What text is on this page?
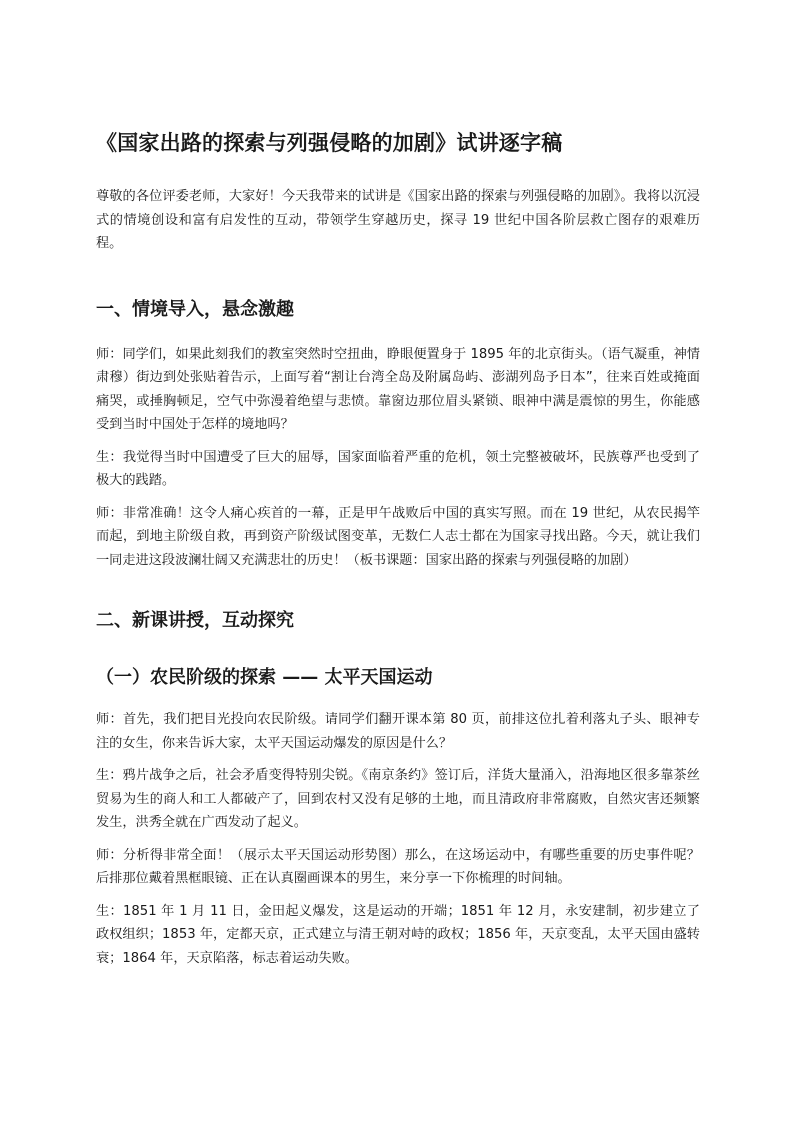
《国家出路的探索与列强侵略的加剧》试讲逐字稿

尊敬的各位评委老师，大家好！今天我带来的试讲是《国家出路的探索与列强侵略的加剧》。我将以沉浸式的情境创设和富有启发性的互动，带领学生穿越历史，探寻 19 世纪中国各阶层救亡图存的艰难历程。

一、情境导入，悬念激趣

师：同学们，如果此刻我们的教室突然时空扭曲，睁眼便置身于 1895 年的北京街头。（语气凝重，神情肃穆）街边到处张贴着告示，上面写着“割让台湾全岛及附属岛屿、澎湖列岛予日本”，往来百姓或掩面痛哭，或捶胸顿足，空气中弥漫着绝望与悲愤。靠窗边那位眉头紧锁、眼神中满是震惊的男生，你能感受到当时中国处于怎样的境地吗？

生：我觉得当时中国遭受了巨大的屈辱，国家面临着严重的危机，领土完整被破坏，民族尊严也受到了极大的践踏。

师：非常准确！这令人痛心疾首的一幕，正是甲午战败后中国的真实写照。而在 19 世纪，从农民揭竿而起，到地主阶级自救，再到资产阶级试图变革，无数仁人志士都在为国家寻找出路。今天，就让我们一同走进这段波澜壮阔又充满悲壮的历史！（板书课题：国家出路的探索与列强侵略的加剧）

二、新课讲授，互动探究
（一）农民阶级的探索 —— 太平天国运动

师：首先，我们把目光投向农民阶级。请同学们翻开课本第 80 页，前排这位扎着利落丸子头、眼神专注的女生，你来告诉大家，太平天国运动爆发的原因是什么？

生：鸦片战争之后，社会矛盾变得特别尖锐。《南京条约》签订后，洋货大量涌入，沿海地区很多靠茶丝贸易为生的商人和工人都破产了，回到农村又没有足够的土地，而且清政府非常腐败，自然灾害还频繁发生，洪秀全就在广西发动了起义。

师：分析得非常全面！（展示太平天国运动形势图）那么，在这场运动中，有哪些重要的历史事件呢？后排那位戴着黑框眼镜、正在认真圈画课本的男生，来分享一下你梳理的时间轴。

生：1851 年 1 月 11 日，金田起义爆发，这是运动的开端；1851 年 12 月，永安建制，初步建立了政权组织；1853 年，定都天京，正式建立与清王朝对峙的政权；1856 年，天京变乱，太平天国由盛转衰；1864 年，天京陷落，标志着运动失败。
